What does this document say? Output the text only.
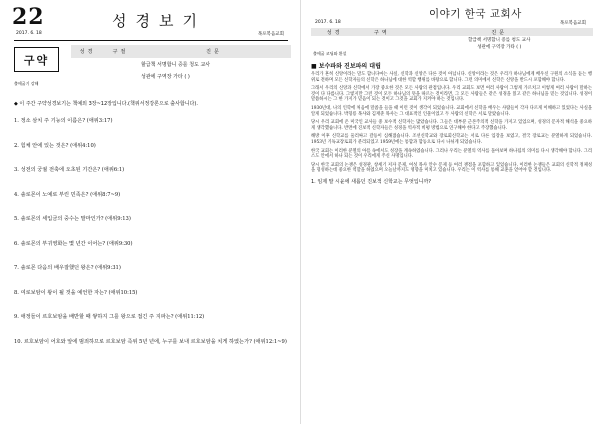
22	성경보기
2017. 6. 18	목포복음교회
구약
성경	구절	진문
		할급책 서명합니 증를 청도 교사
		성관에 구역장 가타 ( )
출애굽기 강해
◆ 이 주간 구약성경보기는 책예외 3장~12장입니다.(책위서정강론으로 출사합니다).
1. 정소 삼치 주 기능의 이름은? (애위3:17)
2. 힘체 안에 있는 것은? (애위4:10)
3. 성전의 궁궐 전축에 오초된 기간은? (애위6:1)
4. 솔로몬이 노예로 부린 민족은? (애위8:7~9)
5. 솔로몬의 세입금의 중수는 말마인가? (애위9:13)
6. 솔로몬의 부귀영화는 몇 년간 이어는? (애위9:30)
7. 솔로몬 다음의 배우잘했던 왕은? (애위9:31)
8. 여로보암이 왕이 될 것을 예언한 자는? (애위10:15)
9. 애정들이 르호보암을 배반할 때 쌓하지 그를 왕으로 접긴 주 지파는? (애위11:12)
10. 르호보암이 어호와 앞에 범죄하므로 르호보암 즉위 5년 년에, 누구를 보내 르호보암을 치게 하였는가? (애위12:1~9)
이야기 한국 교회사
2017. 6. 18	목포복음교회
성경	구역	진문
		할급책 서명합니 증를 청도 교사
		성관에 구역장 가타 ( )
출애굽 코딩와 환설
■ 보수파와 진보파의 대립

우리가 흔히 신앙이라는 말도 합니다마는 사실, 신학과 신앙은 다른 것이 아닙니다. 신앙이라는 것은 우리가 하나님에게 배우신 구원의 소식을 듣는 행위로 전하며 모든 신학자들의 신학은 하나님에 대한 역할 행위를 바탕으로 합니다. 그런 의미에서 신학은 신앙을 반드시 포함해야 합니다.

그래서 우리의 신앙과 신학에서 가장 중요한 것은 모든 사람의 관점입니다. 우리 교회도 보면 여러 사람이 그렇게 가르치고 이렇게 여러 사람이 말하는 것이 다 다릅니다. 그렇지만 그런 것이 모두 하나님의 뜻을 따르는 것이라면, 그 모든 사람들은 같은 성경을 읽고 같은 하나님을 믿는 것입니다. 성경이 말씀하시는 그 한 가지가 믿음이 되는 것이고 그것을 교회가 지켜야 하는 것입니다.

1930년대, 나의 인학에 처음에 말씀을 들을 때 이런 것이 생각이 되었습니다. 교회에서 신학을 배우는 사람들이 각자 다르게 이해하고 있었다는 사실을 알게 되었습니다. 박형룡 목사와 김재준 목사는 그 대표적인 인물이었고 두 사람의 신학은 서로 달랐습니다.

당시 우리 교회에 온 미국인 교사들 중 보수적 신학자는 많았습니다. 그들은 대부분 근본주의적 신학을 가지고 있었으며, 성경의 문자적 해석을 중요하게 생각했습니다. 반면에 진보적 신학자들은 성경을 역사적 비평 방법으로 연구해야 한다고 주장했습니다.

해방 이후 신학교를 둘러싸고 갈등이 심해졌습니다. 조선신학교와 장로회신학교는 서로 다른 입장을 보였고, 결국 장로교는 분열하게 되었습니다. 1953년 기독교장로회가 분리되었고 1959년에는 통합과 합동으로 다시 나뉘게 되었습니다.

한국 교회는 이러한 분열의 아픔 속에서도 성장을 계속하였습니다. 그러나 우리는 분열의 역사를 돌아보며 하나됨의 의미를 다시 생각해야 합니다. 그리스도 안에서 하나 되는 것이 우리에게 주신 사명입니다.

당시 한국 교회의 논쟁은 성경관, 창세기 저자 문제, 여성 목사 안수 문제 등 여러 쟁점을 포함하고 있었습니다. 이러한 논쟁들은 교회의 신학적 정체성을 형성하는데 중요한 역할을 하였으며 오늘날까지도 영향을 미치고 있습니다. 우리는 이 역사를 통해 교훈을 얻어야 할 것입니다.

1. 임제 말 시윤에 새롭던 진보적 신학교는 무엇입니까?
